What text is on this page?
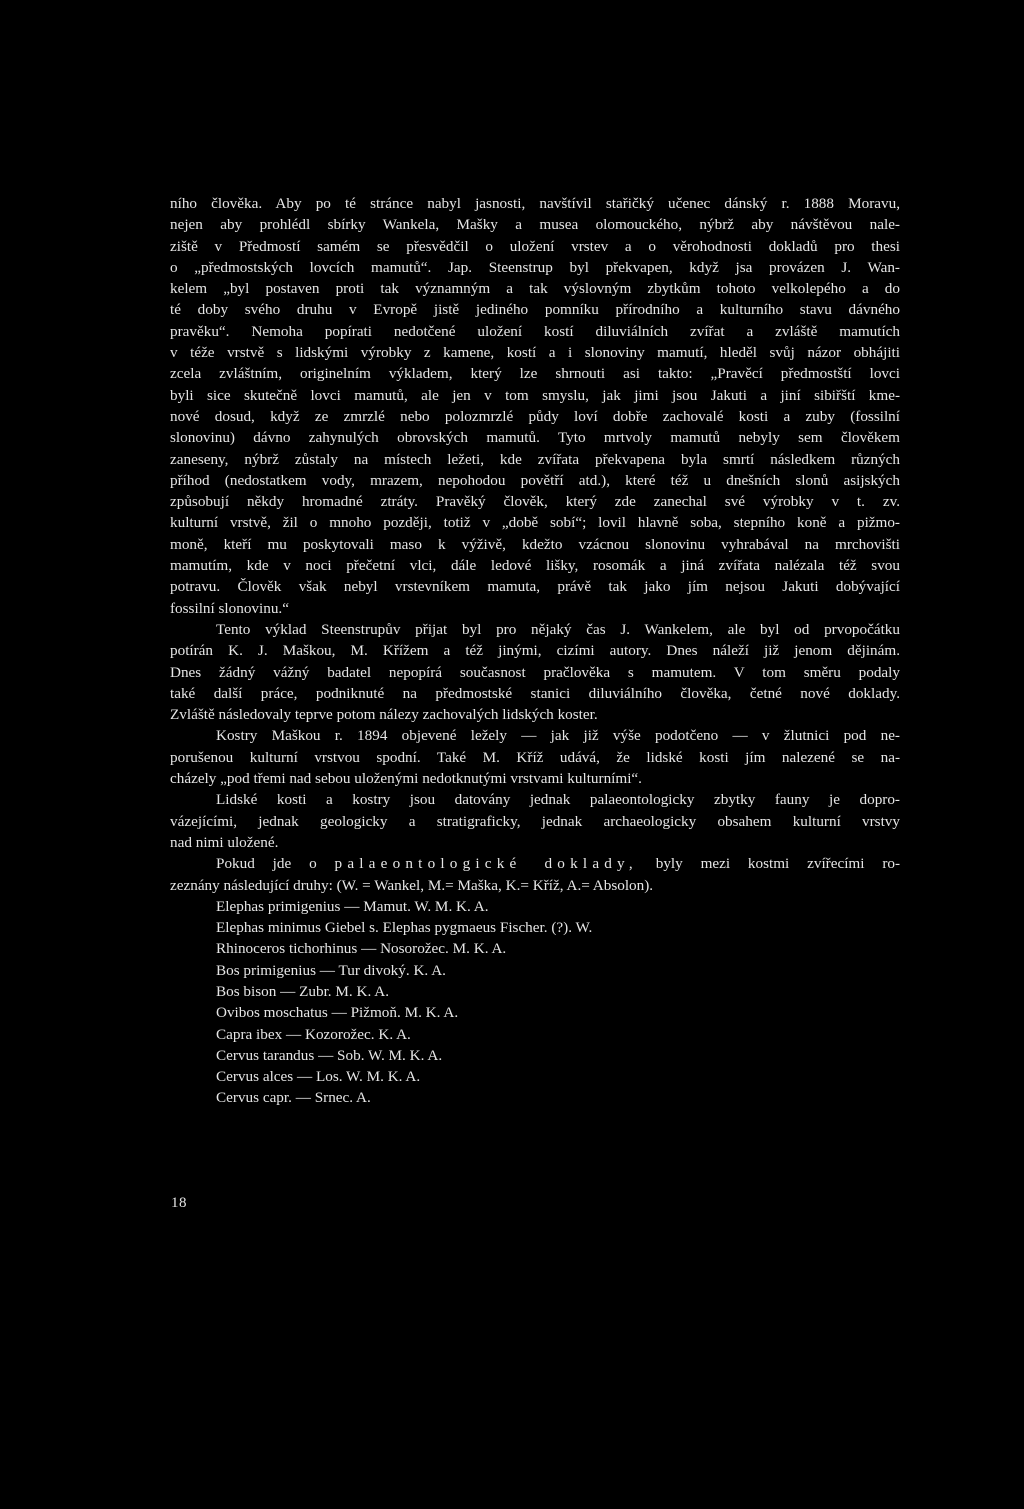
ního člověka. Aby po té stránce nabyl jasnosti, navštívil stařičký učenec dánský r. 1888 Moravu,
nejen aby prohlédl sbírky Wankela, Mašky a musea olomouckého, nýbrž aby návštěvou nale-
ziště v Předmostí samém se přesvědčil o uložení vrstev a o věrohodnosti dokladů pro thesi
o „předmostských lovcích mamutů“. Jap. Steenstrup byl překvapen, když jsa provázen J. Wan-
kelem „byl postaven proti tak významným a tak výslovným zbytkům tohoto velkolepého a do
té doby svého druhu v Evropě jistě jediného pomníku přírodního a kulturního stavu dávného
pravěku“. Nemoha popírati nedotčené uložení kostí diluviálních zvířat a zvláště mamutích
v téže vrstvě s lidskými výrobky z kamene, kostí a i slonoviny mamutí, hleděl svůj názor obhájiti
zcela zvláštním, originelním výkladem, který lze shrnouti asi takto: „Pravěcí předmostští lovci
byli sice skutečně lovci mamutů, ale jen v tom smyslu, jak jimi jsou Jakuti a jiní sibiřští kme-
nové dosud, když ze zmrzlé nebo polozmrzlé půdy loví dobře zachovalé kosti a zuby (fossilní
slonovinu) dávno zahynulých obrovských mamutů. Tyto mrtvoly mamutů nebyly sem člověkem
zaneseny, nýbrž zůstaly na místech ležeti, kde zvířata překvapena byla smrtí následkem různých
příhod (nedostatkem vody, mrazem, nepohodou povětří atd.), které též u dnešních slonů asijských
způsobují někdy hromadné ztráty. Pravěký člověk, který zde zanechal své výrobky v t. zv.
kulturní vrstvě, žil o mnoho později, totiž v „době sobí“; lovil hlavně soba, stepního koně a pižmo-
moně, kteří mu poskytovali maso k výživě, kdežto vzácnou slonovinu vyhrabával na mrchovišti
mamutím, kde v noci přečetní vlci, dále ledové lišky, rosomák a jiná zvířata nalézala též svou
potravu. Člověk však nebyl vrstevníkem mamuta, právě tak jako jím nejsou Jakuti dobývající
fossilní slonovinu.“
Tento výklad Steenstrupův přijat byl pro nějaký čas J. Wankelem, ale byl od prvopočátku
potírán K. J. Maškou, M. Křížem a též jinými, cizími autory. Dnes náleží již jenom dějinám.
Dnes žádný vážný badatel nepopírá současnost pračlověka s mamutem. V tom směru podaly
také další práce, podniknuté na předmostské stanici diluviálního člověka, četné nové doklady.
Zvláště následovaly teprve potom nálezy zachovalých lidských koster.
Kostry Maškou r. 1894 objevené ležely — jak již výše podotčeno — v žlutnici pod ne-
porušenou kulturní vrstvou spodní. Také M. Kříž udává, že lidské kosti jím nalezené se na-
cházely „pod třemi nad sebou uloženými nedotknutými vrstvami kulturními“.
Lidské kosti a kostry jsou datovány jednak palaeontologicky zbytky fauny je dopro-
vázejícími, jednak geologicky a stratigraficky, jednak archaeologicky obsahem kulturní vrstvy
nad nimi uložené.
Pokud jde o palaeontologické doklady, byly mezi kostmi zvířecími ro-
zeznány následující druhy: (W. = Wankel, M.= Maška, K.= Kříž, A.= Absolon).
Elephas primigenius — Mamut. W. M. K. A.
Elephas minimus Giebel s. Elephas pygmaeus Fischer. (?). W.
Rhinoceros tichorhinus — Nosorožec. M. K. A.
Bos primigenius — Tur divoký. K. A.
Bos bison — Zubr. M. K. A.
Ovibos moschatus — Pižmoň. M. K. A.
Capra ibex — Kozorožec. K. A.
Cervus tarandus — Sob. W. M. K. A.
Cervus alces — Los. W. M. K. A.
Cervus capr. — Srnec. A.
18
